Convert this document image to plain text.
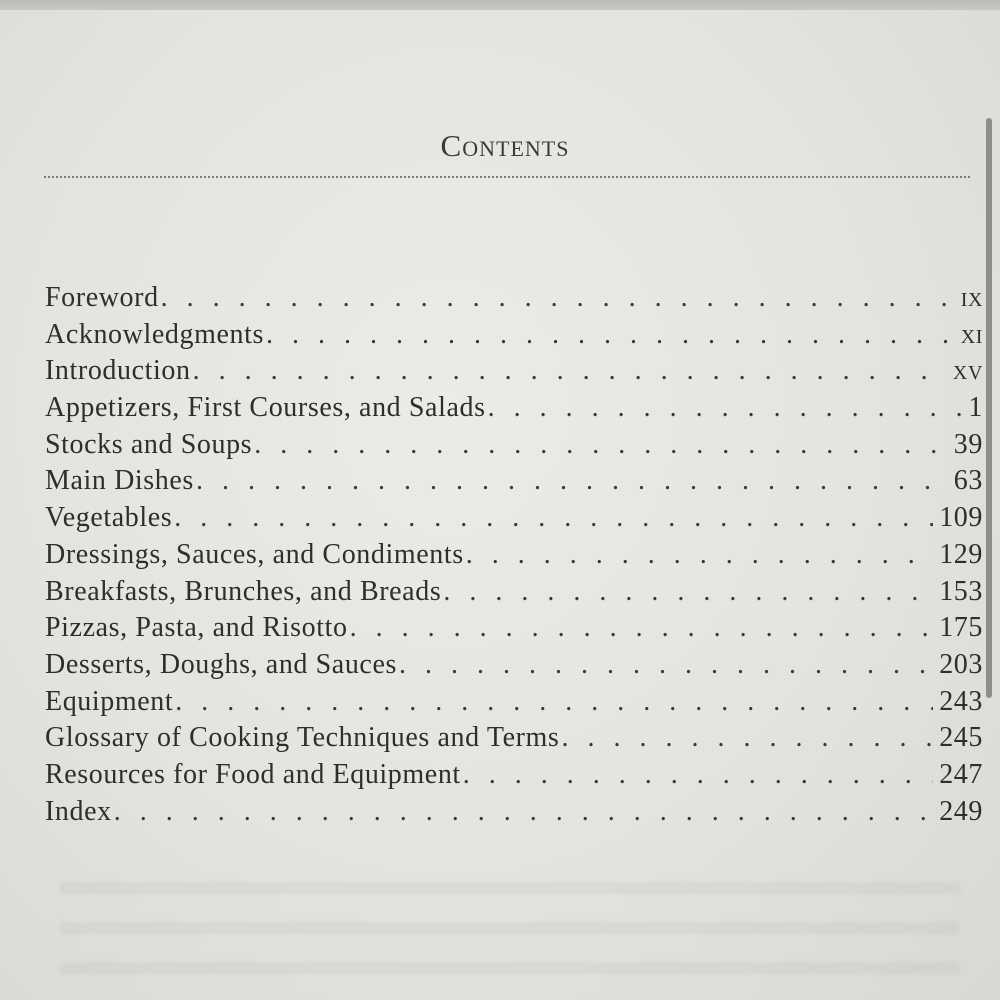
Contents
Foreword . . .	ix
Acknowledgments . . .	xi
Introduction . . .	xv
Appetizers, First Courses, and Salads . . .	1
Stocks and Soups . . .	39
Main Dishes . . .	63
Vegetables . . .	109
Dressings, Sauces, and Condiments . . .	129
Breakfasts, Brunches, and Breads . . .	153
Pizzas, Pasta, and Risotto . . .	175
Desserts, Doughs, and Sauces . . .	203
Equipment . . .	243
Glossary of Cooking Techniques and Terms . . .	245
Resources for Food and Equipment . . .	247
Index . . .	249
